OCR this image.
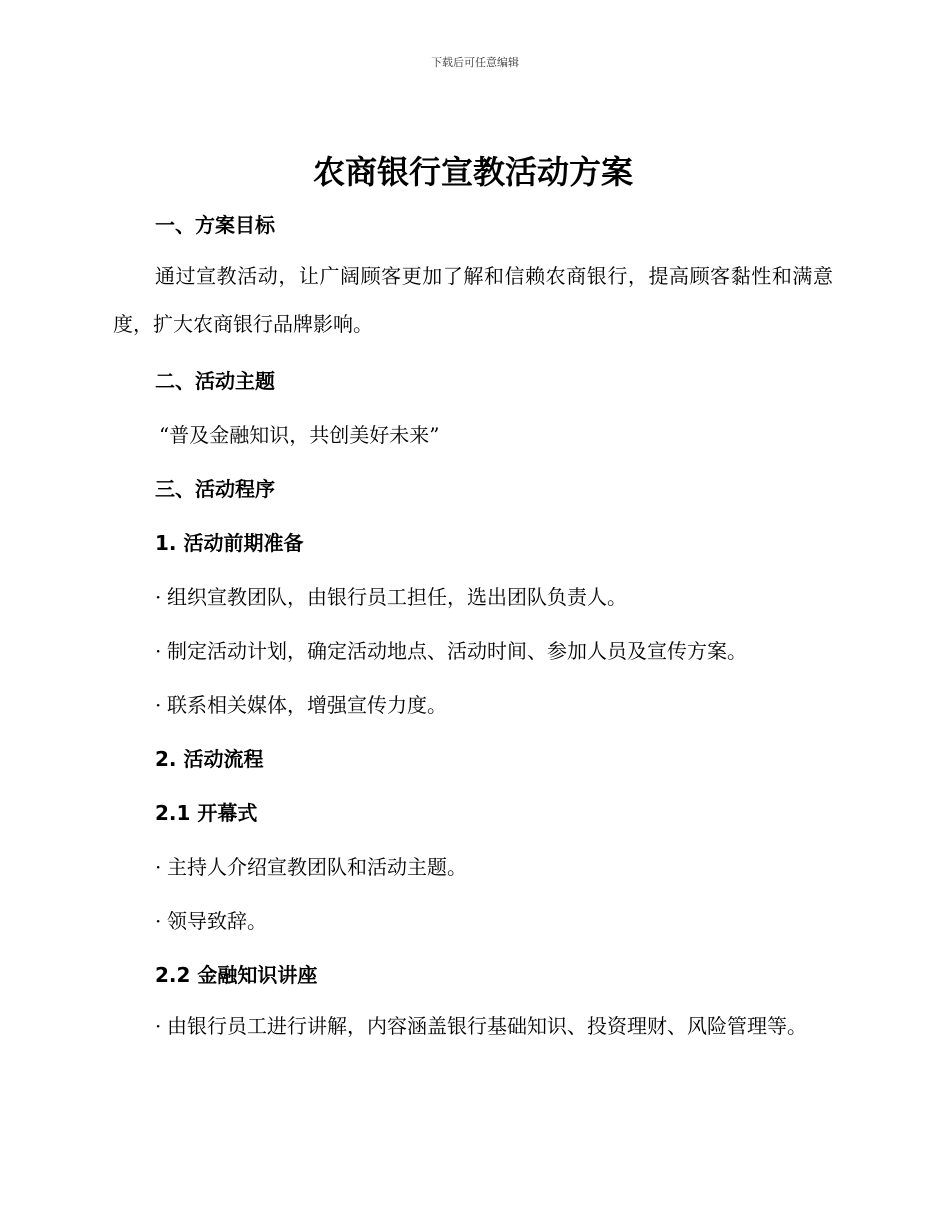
下载后可任意编辑
农商银行宣教活动方案
一、方案目标
通过宣教活动，让广阔顾客更加了解和信赖农商银行，提高顾客黏性和满意度，扩大农商银行品牌影响。
二、活动主题
“普及金融知识，共创美好未来”
三、活动程序
1. 活动前期准备
· 组织宣教团队，由银行员工担任，选出团队负责人。
· 制定活动计划，确定活动地点、活动时间、参加人员及宣传方案。
· 联系相关媒体，增强宣传力度。
2. 活动流程
2.1 开幕式
· 主持人介绍宣教团队和活动主题。
· 领导致辞。
2.2 金融知识讲座
· 由银行员工进行讲解，内容涵盖银行基础知识、投资理财、风险管理等。
